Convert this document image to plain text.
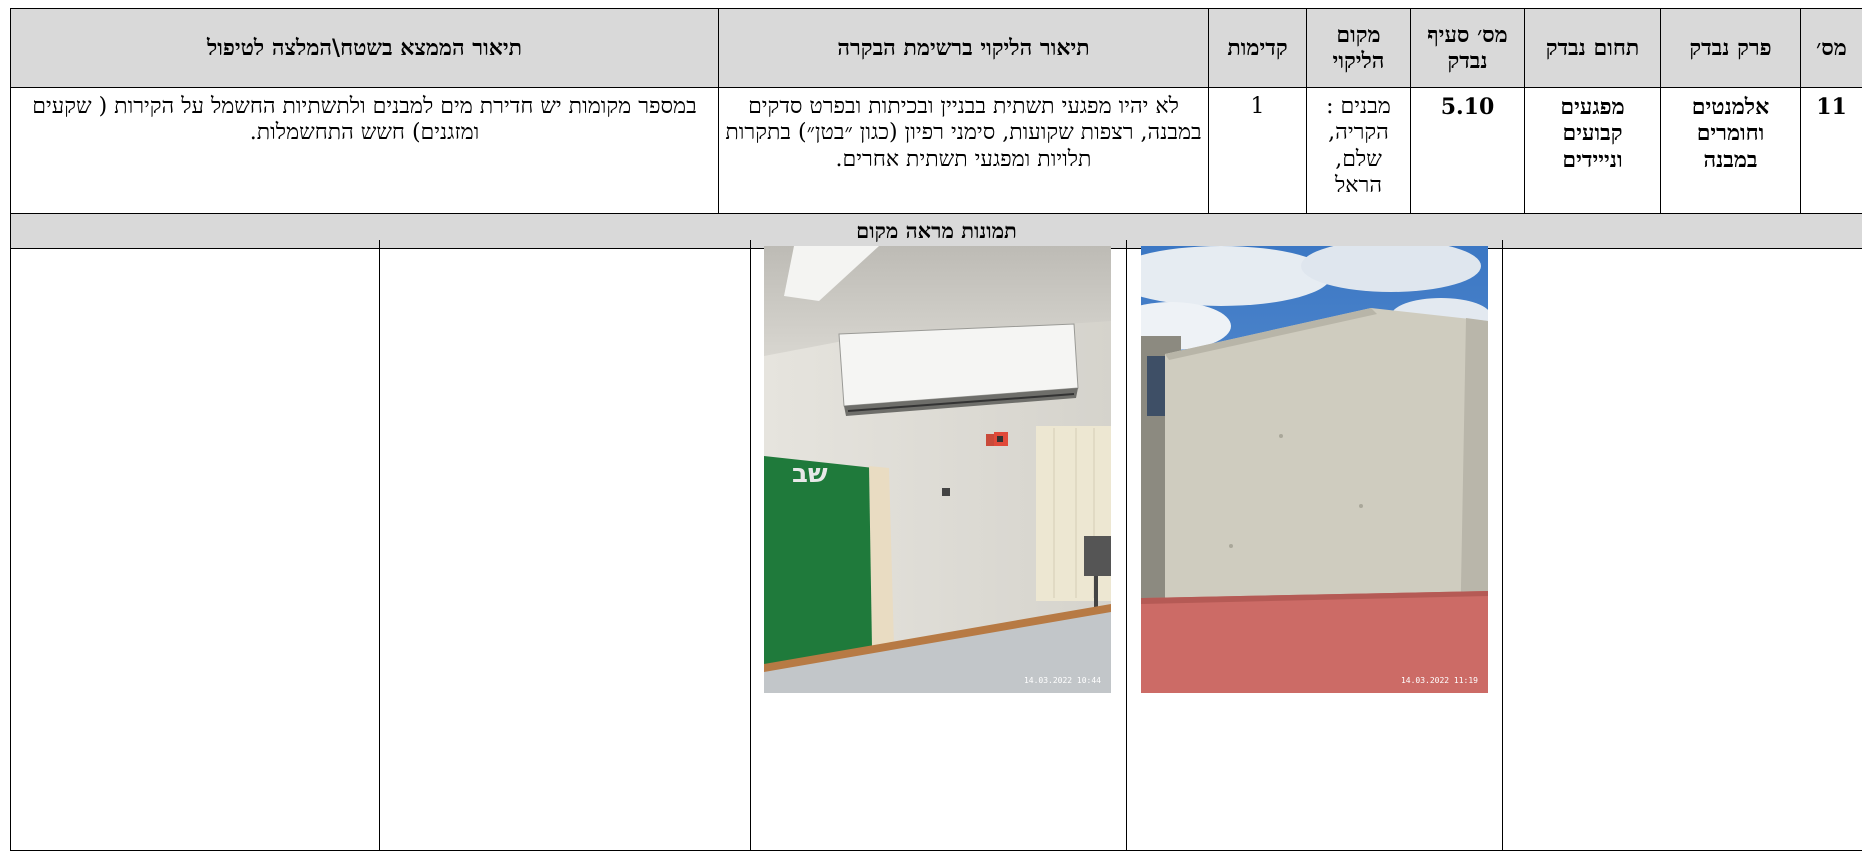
מס׳	פרק נבדק	תחום נבדק	מס׳ סעיף נבדק	מקום הליקוי	קדימות	תיאור הליקוי ברשימת הבקרה	תיאור הממצא בשטח\המלצה לטיפול
11	אלמנטים וחומרים במבנה	מפגעים קבועים ונייידים	5.10	מבנים : הקריה, שלם, הראל	1	לא יהיו מפגעי תשתית בבניין ובכיתות ובפרט סדקים במבנה, רצפות שקועות, סימני רפיון (כגון ״בטן״) בתקרות תלויות ומפגעי תשתית אחרים.	במספר מקומות יש חדירת מים למבנים ולתשתיות החשמל על הקירות ( שקעים ומזגנים) חשש התחשמלות.
תמונות מראה מקום							

שב
14.03.2022 10:44	14.03.2022 11:19
